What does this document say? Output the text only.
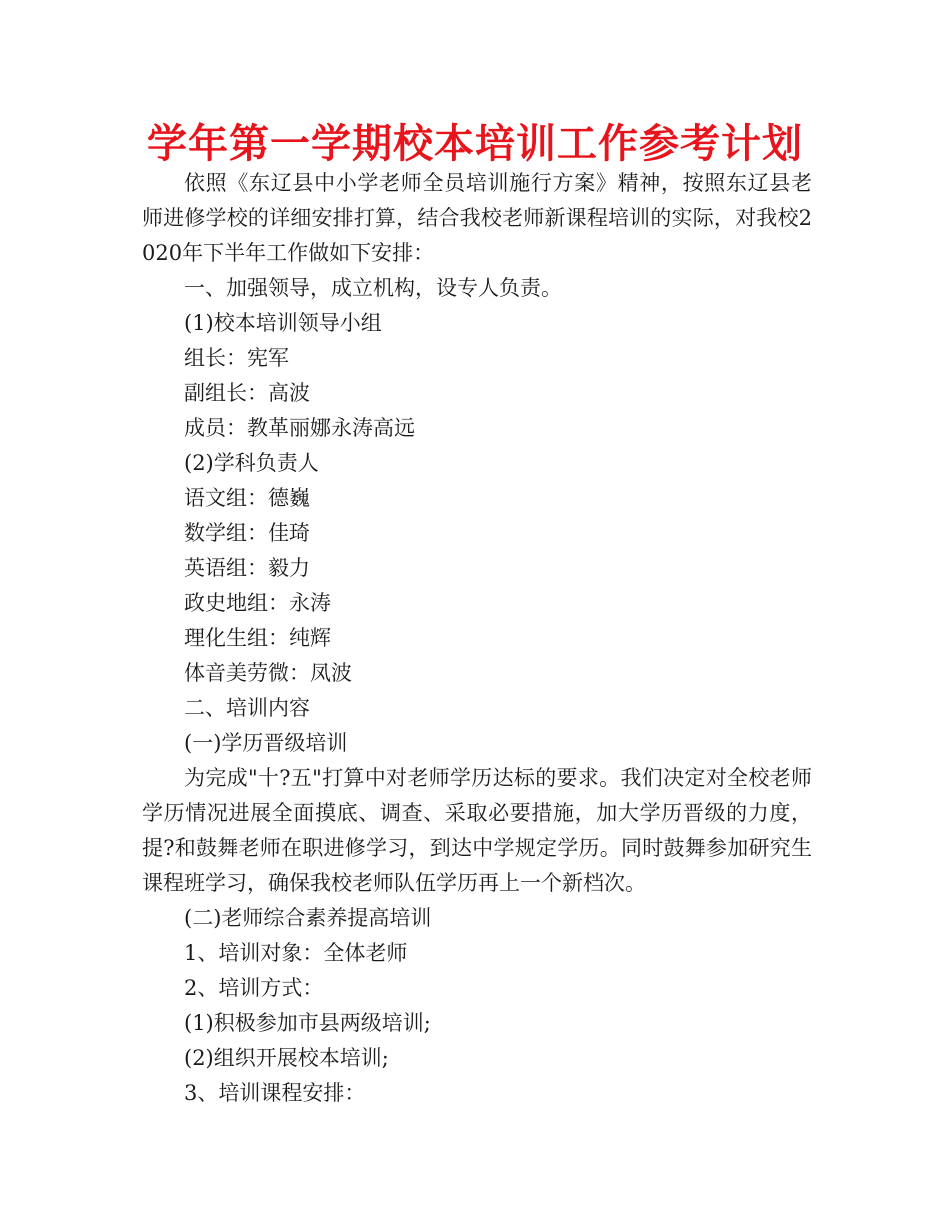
学年第一学期校本培训工作参考计划

依照《东辽县中小学老师全员培训施行方案》精神，按照东辽县老师进修学校的详细安排打算，结合我校老师新课程培训的实际，对我校2020年下半年工作做如下安排：

一、加强领导，成立机构，设专人负责。

(1)校本培训领导小组

组长：宪军

副组长：高波

成员：教革丽娜永涛高远

(2)学科负责人

语文组：德巍

数学组：佳琦

英语组：毅力

政史地组：永涛

理化生组：纯辉

体音美劳微：凤波

二、培训内容

(一)学历晋级培训

为完成"十?五"打算中对老师学历达标的要求。我们决定对全校老师学历情况进展全面摸底、调查、采取必要措施，加大学历晋级的力度，提?和鼓舞老师在职进修学习，到达中学规定学历。同时鼓舞参加研究生课程班学习，确保我校老师队伍学历再上一个新档次。

(二)老师综合素养提高培训

1、培训对象：全体老师

2、培训方式：

(1)积极参加市县两级培训;

(2)组织开展校本培训;

3、培训课程安排：
